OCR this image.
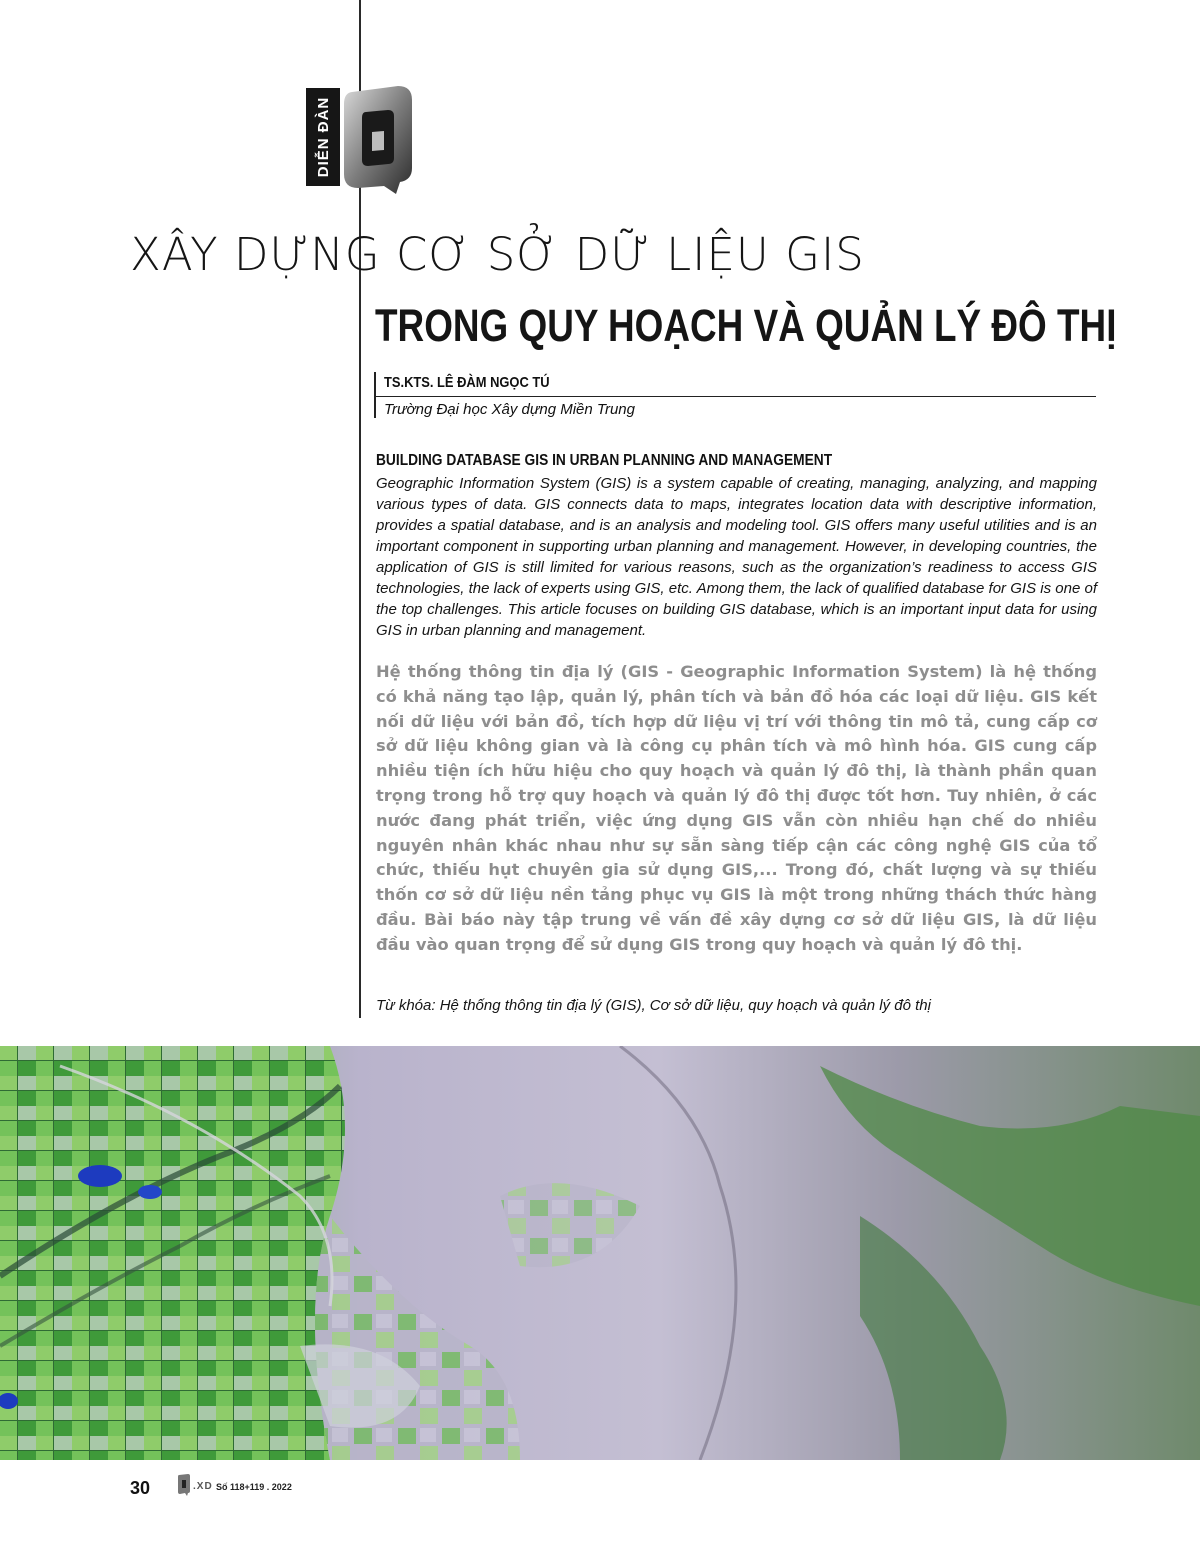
DIỄN ĐÀN
XÂY DỰNG CƠ SỞ DỮ LIỆU GIS
TRONG QUY HOẠCH VÀ QUẢN LÝ ĐÔ THỊ
TS.KTS. LÊ ĐÀM NGỌC TÚ
Trường Đại học Xây dựng Miền Trung
BUILDING DATABASE GIS IN URBAN PLANNING AND MANAGEMENT

Geographic Information System (GIS) is a system capable of creating, managing, analyzing, and mapping various types of data. GIS connects data to maps, integrates location data with descriptive information, provides a spatial database, and is an analysis and modeling tool. GIS offers many useful utilities and is an important component in supporting urban planning and management. However, in developing countries, the application of GIS is still limited for various reasons, such as the organization’s readiness to access GIS technologies, the lack of experts using GIS, etc. Among them, the lack of qualified database for GIS is one of the top challenges. This article focuses on building GIS database, which is an important input data for using GIS in urban planning and management.

Hệ thống thông tin địa lý (GIS - Geographic Information System) là hệ thống có khả năng tạo lập, quản lý, phân tích và bản đồ hóa các loại dữ liệu. GIS kết nối dữ liệu với bản đồ, tích hợp dữ liệu vị trí với thông tin mô tả, cung cấp cơ sở dữ liệu không gian và là công cụ phân tích và mô hình hóa. GIS cung cấp nhiều tiện ích hữu hiệu cho quy hoạch và quản lý đô thị, là thành phần quan trọng trong hỗ trợ quy hoạch và quản lý đô thị được tốt hơn. Tuy nhiên, ở các nước đang phát triển, việc ứng dụng GIS vẫn còn nhiều hạn chế do nhiều nguyên nhân khác nhau như sự sẵn sàng tiếp cận các công nghệ GIS của tổ chức, thiếu hụt chuyên gia sử dụng GIS,... Trong đó, chất lượng và sự thiếu thốn cơ sở dữ liệu nền tảng phục vụ GIS là một trong những thách thức hàng đầu. Bài báo này tập trung về vấn đề xây dựng cơ sở dữ liệu GIS, là dữ liệu đầu vào quan trọng để sử dụng GIS trong quy hoạch và quản lý đô thị.

Từ khóa: Hệ thống thông tin địa lý (GIS), Cơ sở dữ liệu, quy hoạch và quản lý đô thị
30	.XD Số 118+119 . 2022
